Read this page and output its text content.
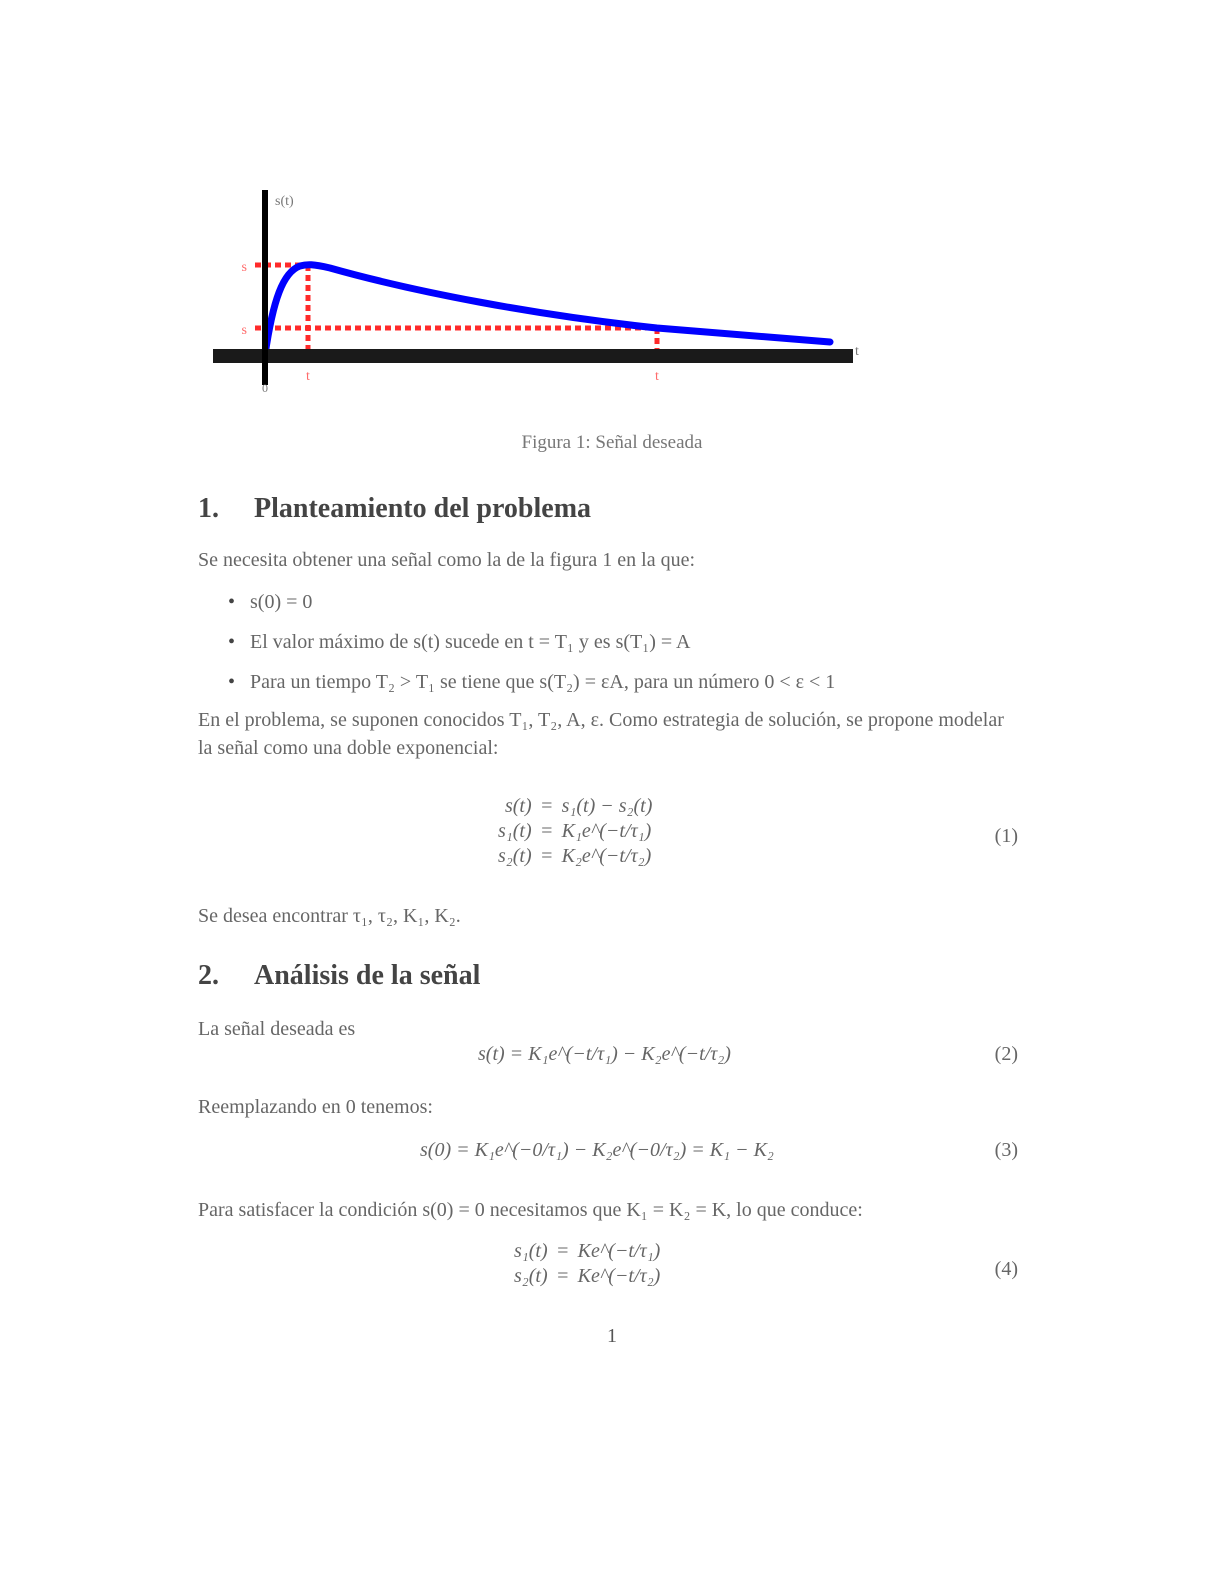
s(t)
s
s
t	t
t
0
Figura 1: Señal deseada
1. Planteamiento del problema
Se necesita obtener una señal como la de la figura 1 en la que:
• s(0) = 0
• El valor máximo de s(t) sucede en t = T₁ y es s(T₁) = A
• Para un tiempo T₂ > T₁ se tiene que s(T₂) = εA, para un número 0 < ε < 1
En el problema, se suponen conocidos T₁, T₂, A, ε. Como estrategia de solución, se propone modelar la señal como una doble exponencial:
s(t) = s₁(t) − s₂(t)
s₁(t) = K₁e^(−t/τ₁)
s₂(t) = K₂e^(−t/τ₂)
(1)
Se desea encontrar τ₁, τ₂, K₁, K₂.
2. Análisis de la señal
La señal deseada es
s(t) = K₁e^(−t/τ₁) − K₂e^(−t/τ₂)	(2)
Reemplazando en 0 tenemos:
s(0) = K₁e^(−0/τ₁) − K₂e^(−0/τ₂) = K₁ − K₂	(3)
Para satisfacer la condición s(0) = 0 necesitamos que K₁ = K₂ = K, lo que conduce:
s₁(t) = Ke^(−t/τ₁)
s₂(t) = Ke^(−t/τ₂)	(4)
1
